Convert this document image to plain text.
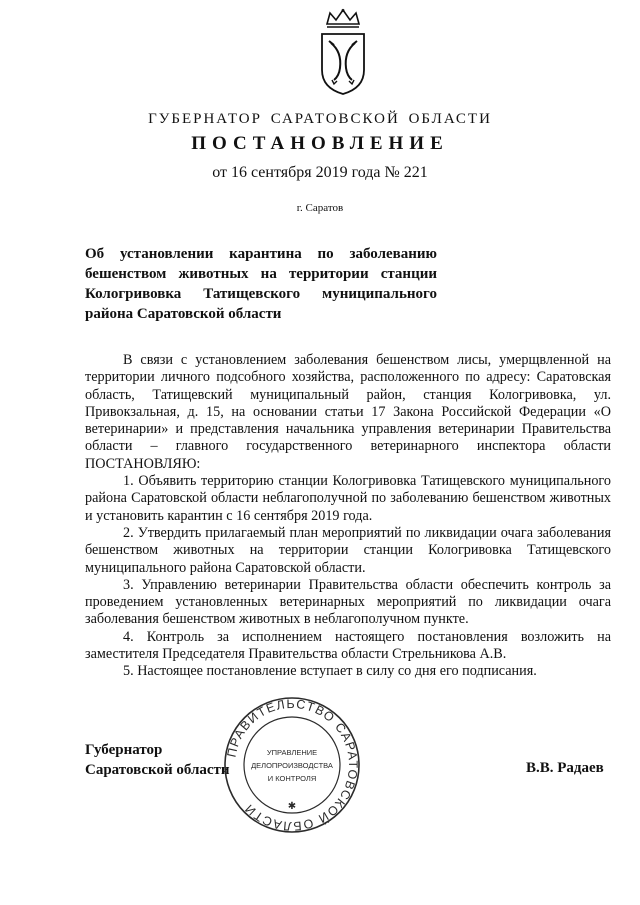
ГУБЕРНАТОР САРАТОВСКОЙ ОБЛАСТИ

ПОСТАНОВЛЕНИЕ

от 16 сентября 2019 года № 221

г. Саратов

Об установлении карантина по заболеванию бешенством животных на территории станции Кологривовка Татищевского муниципального района Саратовской области

В связи с установлением заболевания бешенством лисы, умерщвленной на территории личного подсобного хозяйства, расположенного по адресу: Саратовская область, Татищевский муниципальный район, станция Кологривовка, ул. Привокзальная, д. 15, на основании статьи 17 Закона Российской Федерации «О ветеринарии» и представления начальника управления ветеринарии Правительства области – главного государственного ветеринарного инспектора области ПОСТАНОВЛЯЮ:

1. Объявить территорию станции Кологривовка Татищевского муниципального района Саратовской области неблагополучной по заболеванию бешенством животных и установить карантин с 16 сентября 2019 года.

2. Утвердить прилагаемый план мероприятий по ликвидации очага заболевания бешенством животных на территории станции Кологривовка Татищевского муниципального района Саратовской области.

3. Управлению ветеринарии Правительства области обеспечить контроль за проведением установленных ветеринарных мероприятий по ликвидации очага заболевания бешенством животных в неблагополучном пункте.

4. Контроль за исполнением настоящего постановления возложить на заместителя Председателя Правительства области Стрельникова А.В.

5. Настоящее постановление вступает в силу со дня его подписания.

Губернатор
Саратовской области	В.В. Радаев
ПРАВИТЕЛЬСТВО САРАТОВСКОЙ ОБЛАСТИ
УПРАВЛЕНИЕ
ДЕЛОПРОИЗВОДСТВА
И КОНТРОЛЯ
✱
